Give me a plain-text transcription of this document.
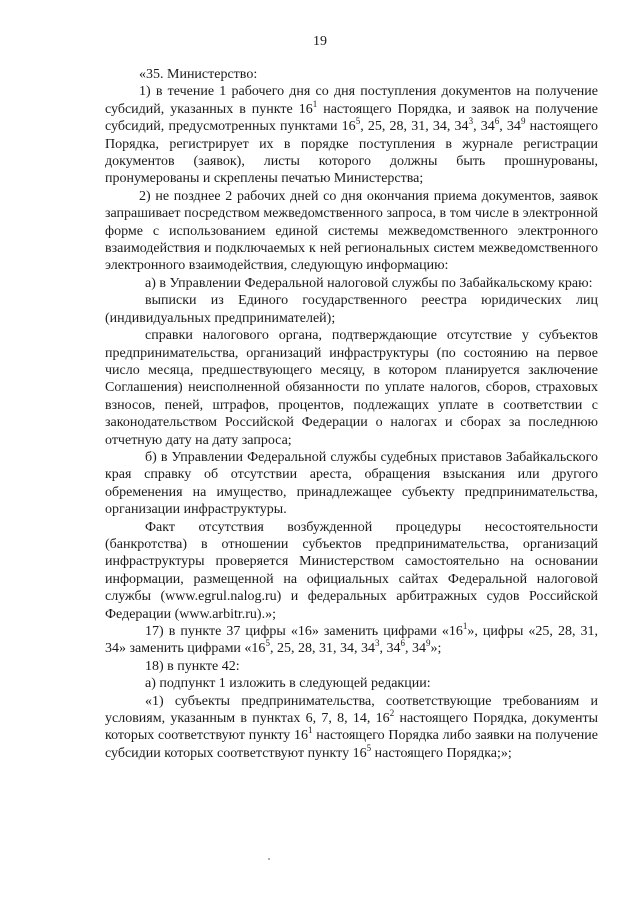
19

«35. Министерство:

1) в течение 1 рабочего дня со дня поступления документов на получение субсидий, указанных в пункте $16^1$ настоящего Порядка, и заявок на получение субсидий, предусмотренных пунктами $16^5$, 25, 28, 31, 34, $34^3$, $34^6$, $34^9$ настоящего Порядка, регистрирует их в порядке поступления в журнале регистрации документов (заявок), листы которого должны быть прошнурованы, пронумерованы и скреплены печатью Министерства;

2) не позднее 2 рабочих дней со дня окончания приема документов, заявок запрашивает посредством межведомственного запроса, в том числе в электронной форме с использованием единой системы межведомственного электронного взаимодействия и подключаемых к ней региональных систем межведомственного электронного взаимодействия, следующую информацию:

а) в Управлении Федеральной налоговой службы по Забайкальскому краю:

выписки из Единого государственного реестра юридических лиц (индивидуальных предпринимателей);

справки налогового органа, подтверждающие отсутствие у субъектов предпринимательства, организаций инфраструктуры (по состоянию на первое число месяца, предшествующего месяцу, в котором планируется заключение Соглашения) неисполненной обязанности по уплате налогов, сборов, страховых взносов, пеней, штрафов, процентов, подлежащих уплате в соответствии с законодательством Российской Федерации о налогах и сборах за последнюю отчетную дату на дату запроса;

б) в Управлении Федеральной службы судебных приставов Забайкальского края справку об отсутствии ареста, обращения взыскания или другого обременения на имущество, принадлежащее субъекту предпринимательства, организации инфраструктуры.

Факт отсутствия возбужденной процедуры несостоятельности (банкротства) в отношении субъектов предпринимательства, организаций инфраструктуры проверяется Министерством самостоятельно на основании информации, размещенной на официальных сайтах Федеральной налоговой службы (www.egrul.nalog.ru) и федеральных арбитражных судов Российской Федерации (www.arbitr.ru).»;

17) в пункте 37 цифры «16» заменить цифрами «$16^1$», цифры «25, 28, 31, 34» заменить цифрами «$16^5$, 25, 28, 31, 34, $34^3$, $34^6$, $34^9$»;

18) в пункте 42:

а) подпункт 1 изложить в следующей редакции:

«1) субъекты предпринимательства, соответствующие требованиям и условиям, указанным в пунктах 6, 7, 8, 14, $16^2$ настоящего Порядка, документы которых соответствуют пункту $16^1$ настоящего Порядка либо заявки на получение субсидии которых соответствуют пункту $16^5$ настоящего Порядка;»;
